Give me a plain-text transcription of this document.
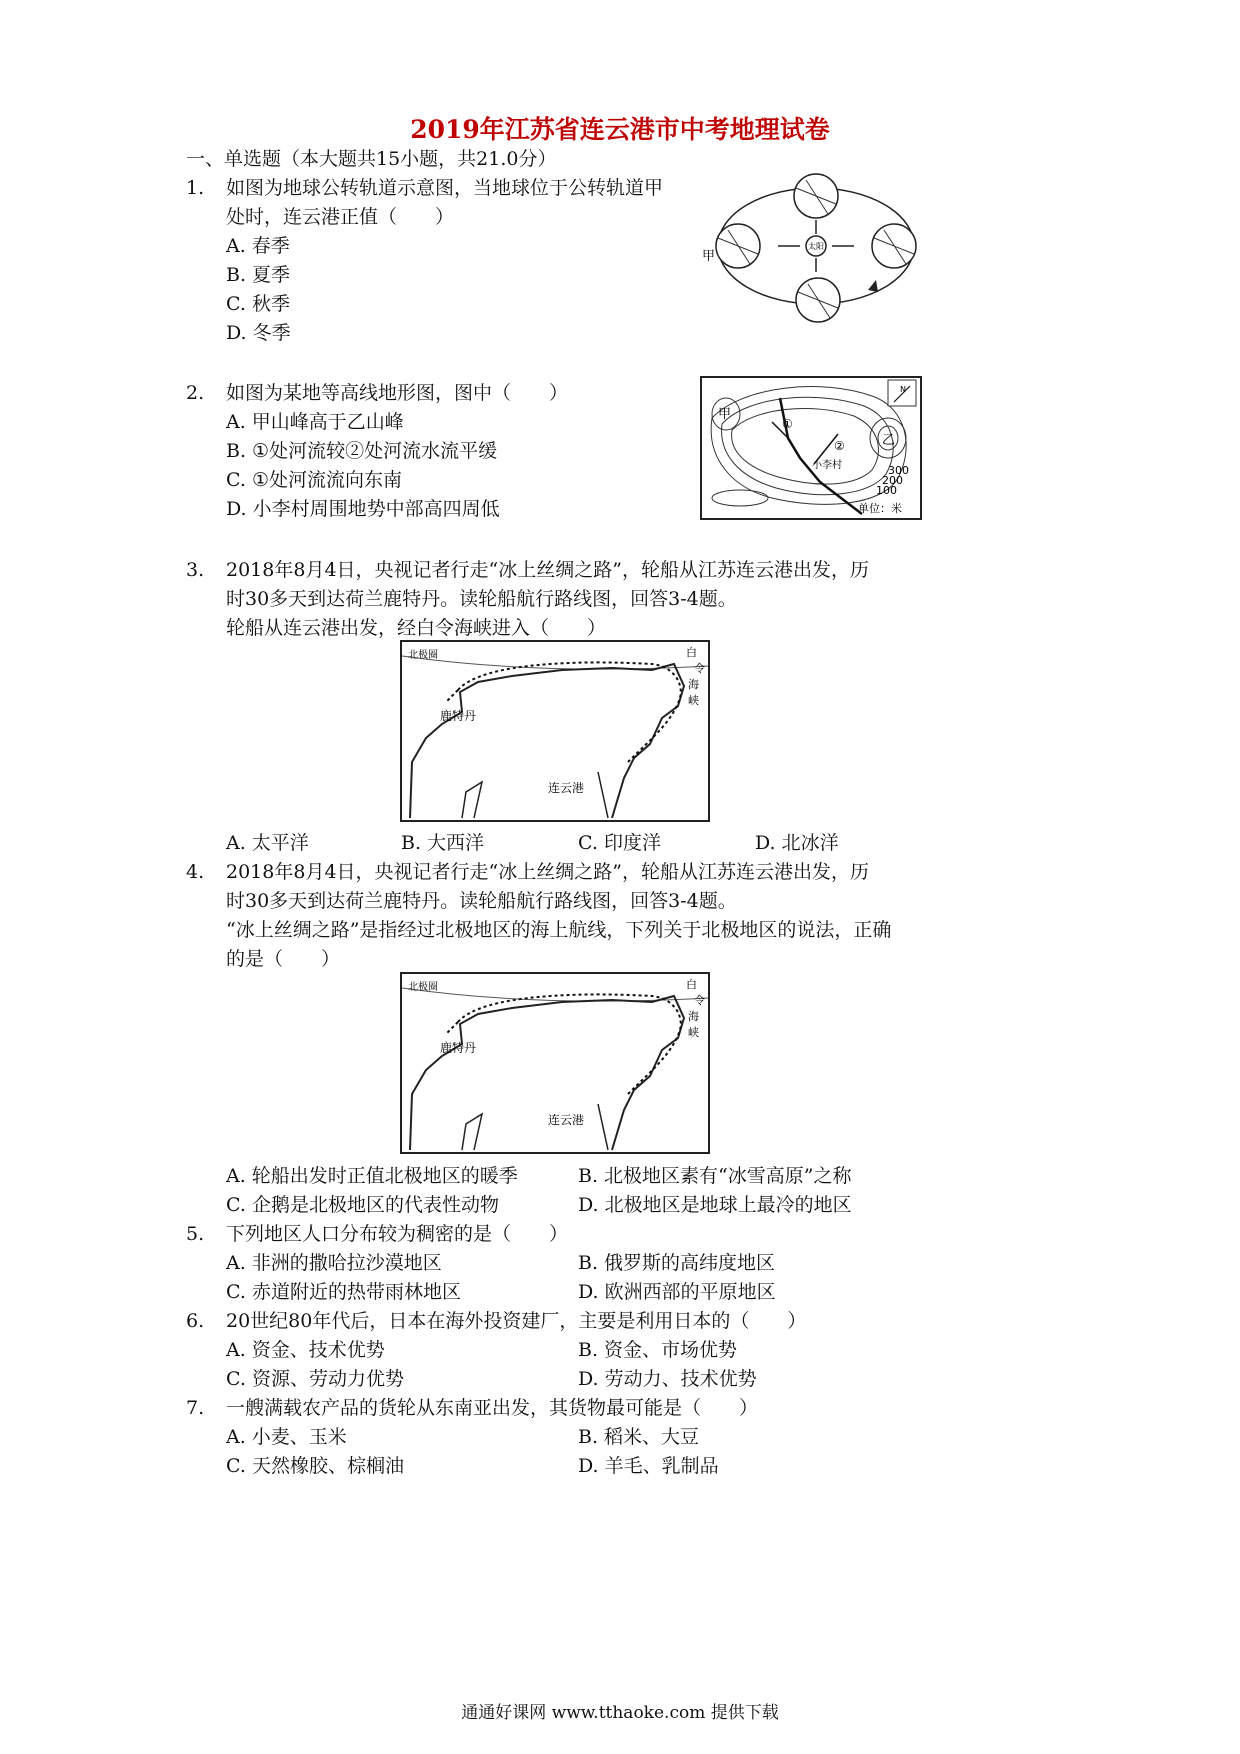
2019年江苏省连云港市中考地理试卷
一、单选题（本大题共15小题，共21.0分）
1. 如图为地球公转轨道示意图，当地球位于公转轨道甲
处时，连云港正值（　　）
A. 春季
B. 夏季
C. 秋季
D. 冬季
太阳
甲
2. 如图为某地等高线地形图，图中（　　）
A. 甲山峰高于乙山峰
B. ①处河流较②处河流水流平缓
C. ①处河流流向东南
D. 小李村周围地势中部高四周低
N
甲
乙
①
②
小李村	300
200
100
单位：米
3. 2018年8月4日，央视记者行走“冰上丝绸之路”，轮船从江苏连云港出发，历
时30多天到达荷兰鹿特丹。读轮船航行路线图，回答3-4题。
轮船从连云港出发，经白令海峡进入（　　）
北极圈
鹿特丹
连云港
白
令
海
峡
A. 太平洋	B. 大西洋	C. 印度洋	D. 北冰洋
4. 2018年8月4日，央视记者行走“冰上丝绸之路”，轮船从江苏连云港出发，历
时30多天到达荷兰鹿特丹。读轮船航行路线图，回答3-4题。
“冰上丝绸之路”是指经过北极地区的海上航线，下列关于北极地区的说法，正确
的是（　　）
北极圈
鹿特丹
连云港
白
令
海
峡
A. 轮船出发时正值北极地区的暖季	B. 北极地区素有“冰雪高原”之称
C. 企鹅是北极地区的代表性动物	D. 北极地区是地球上最冷的地区
5. 下列地区人口分布较为稠密的是（　　）
A. 非洲的撒哈拉沙漠地区	B. 俄罗斯的高纬度地区
C. 赤道附近的热带雨林地区	D. 欧洲西部的平原地区
6. 20世纪80年代后，日本在海外投资建厂，主要是利用日本的（　　）
A. 资金、技术优势	B. 资金、市场优势
C. 资源、劳动力优势	D. 劳动力、技术优势
7. 一艘满载农产品的货轮从东南亚出发，其货物最可能是（　　）
A. 小麦、玉米	B. 稻米、大豆
C. 天然橡胶、棕榈油	D. 羊毛、乳制品
通通好课网 www.tthaoke.com 提供下载
